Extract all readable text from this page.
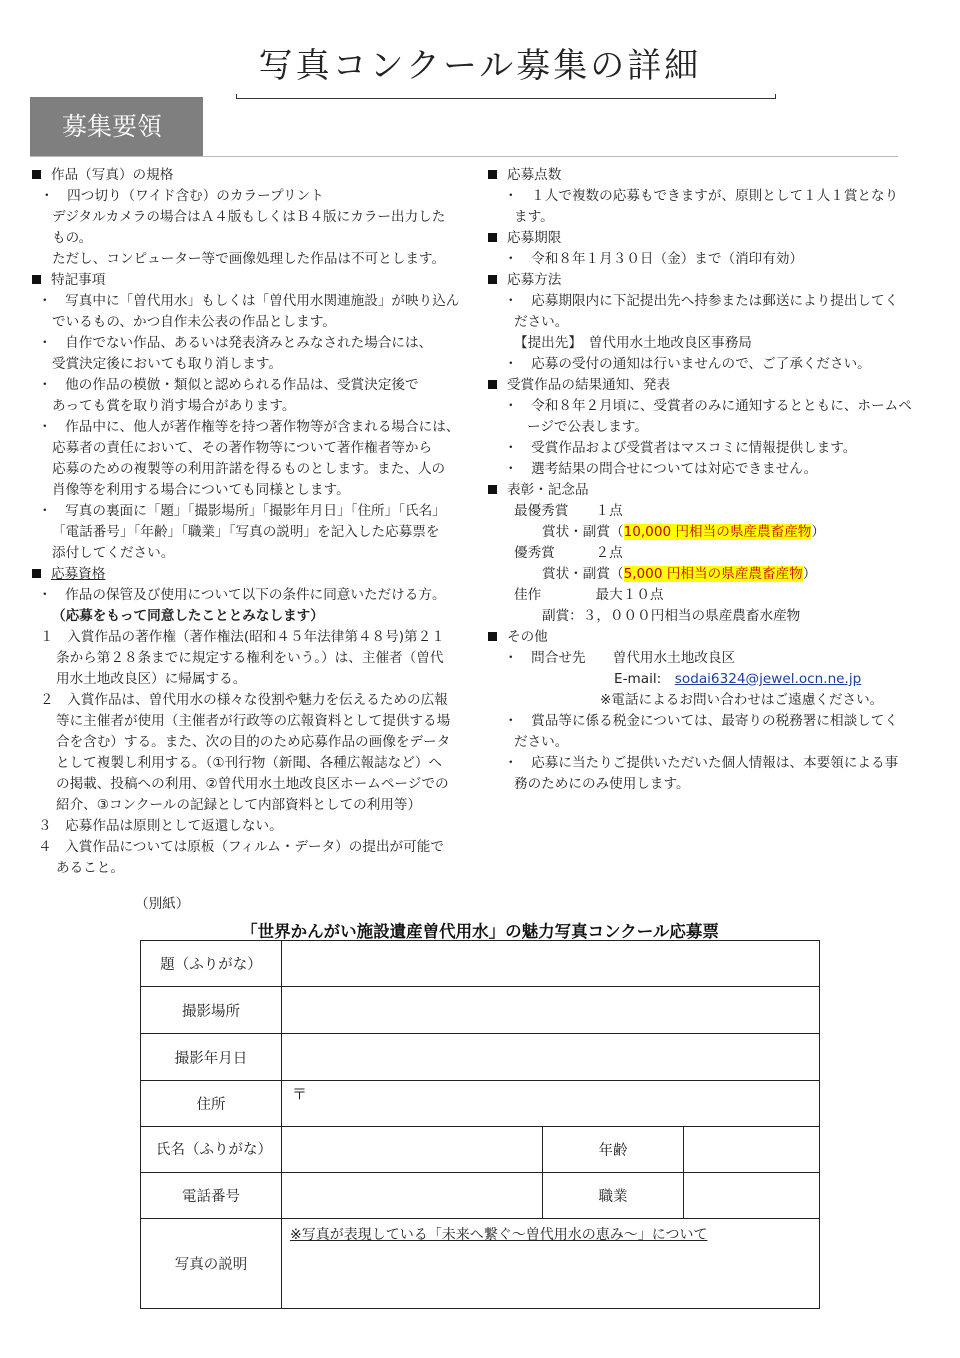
写真コンクール募集の詳細
募集要領
作品（写真）の規格
・　四つ切り（ワイド含む）のカラープリント
デジタルカメラの場合はＡ４版もしくはＢ４版にカラー出力した
もの。
ただし、コンピューター等で画像処理した作品は不可とします。
特記事項
・　写真中に「曽代用水」もしくは「曽代用水関連施設」が映り込ん
でいるもの、かつ自作未公表の作品とします。
・　自作でない作品、あるいは発表済みとみなされた場合には、
受賞決定後においても取り消します。
・　他の作品の模倣・類似と認められる作品は、受賞決定後で
あっても賞を取り消す場合があります。
・　作品中に、他人が著作権等を持つ著作物等が含まれる場合には、
応募者の責任において、その著作物等について著作権者等から
応募のための複製等の利用許諾を得るものとします。また、人の
肖像等を利用する場合についても同様とします。
・　写真の裏面に「題」「撮影場所」「撮影年月日」「住所」「氏名」
「電話番号」「年齢」「職業」「写真の説明」を記入した応募票を
添付してください。
応募資格
・　作品の保管及び使用について以下の条件に同意いただける方。
（応募をもって同意したこととみなします）
１　入賞作品の著作権（著作権法(昭和４５年法律第４８号)第２１
条から第２８条までに規定する権利をいう。）は、主催者（曽代
用水土地改良区）に帰属する。
２　入賞作品は、曽代用水の様々な役割や魅力を伝えるための広報
等に主催者が使用（主催者が行政等の広報資料として提供する場
合を含む）する。また、次の目的のため応募作品の画像をデータ
として複製し利用する。（①刊行物（新聞、各種広報誌など）へ
の掲載、投稿への利用、②曽代用水土地改良区ホームページでの
紹介、③コンクールの記録として内部資料としての利用等）
３　応募作品は原則として返還しない。
４　入賞作品については原板（フィルム・データ）の提出が可能で
あること。
応募点数
・　１人で複数の応募もできますが、原則として１人１賞となり
ます。
応募期限
・　令和８年１月３０日（金）まで（消印有効）
応募方法
・　応募期限内に下記提出先へ持参または郵送により提出してく
ださい。
【提出先】　曽代用水土地改良区事務局
・　応募の受付の通知は行いませんので、ご了承ください。
受賞作品の結果通知、発表
・　令和８年２月頃に、受賞者のみに通知するとともに、ホームペ
ージで公表します。
・　受賞作品および受賞者はマスコミに情報提供します。
・　選考結果の問合せについては対応できません。
表彰・記念品
最優秀賞　　１点
賞状・副賞（10,000 円相当の県産農畜産物）
優秀賞　　　２点
賞状・副賞（5,000 円相当の県産農畜産物）
佳作　　　　最大１０点
副賞：３，０００円相当の県産農畜水産物
その他
・　問合せ先　　曽代用水土地改良区
E-mail:　sodai6324@jewel.ocn.ne.jp
※電話によるお問い合わせはご遠慮ください。
・　賞品等に係る税金については、最寄りの税務署に相談してく
ださい。
・　応募に当たりご提供いただいた個人情報は、本要領による事
務のためにのみ使用します。
（別紙）
「世界かんがい施設遺産曽代用水」の魅力写真コンクール応募票
題（ふりがな）			
撮影場所			
撮影年月日			
住所	〒		
氏名（ふりがな）		年齢	
電話番号		職業	
写真の説明	※写真が表現している「未来へ繋ぐ～曽代用水の恵み～」について		
